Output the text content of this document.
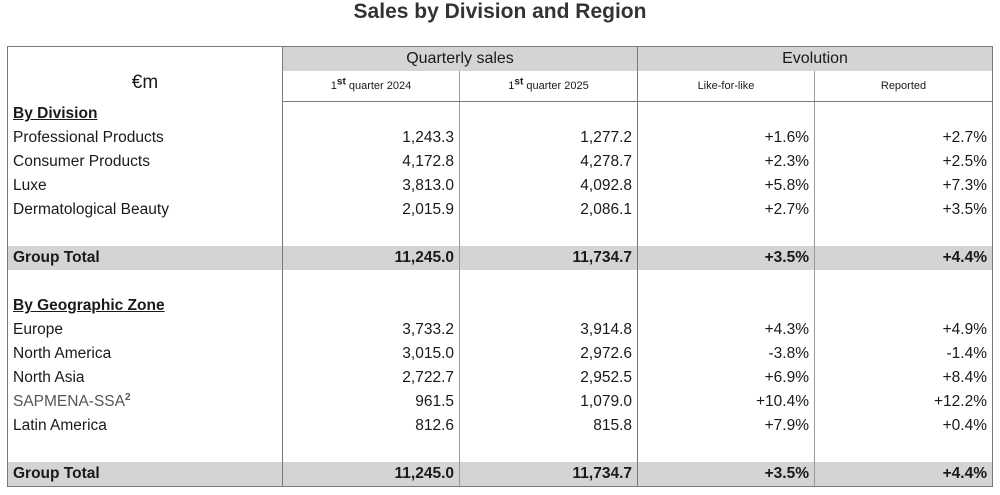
Sales by Division and Region
€m	Quarterly sales		Evolution	
	1st quarter 2024	1st quarter 2025	Like-for-like	Reported
By Division				
Professional Products	1,243.3	1,277.2	+1.6%	+2.7%
Consumer Products	4,172.8	4,278.7	+2.3%	+2.5%
Luxe	3,813.0	4,092.8	+5.8%	+7.3%
Dermatological Beauty	2,015.9	2,086.1	+2.7%	+3.5%

Group Total	11,245.0	11,734.7	+3.5%	+4.4%

By Geographic Zone				
Europe	3,733.2	3,914.8	+4.3%	+4.9%
North America	3,015.0	2,972.6	-3.8%	-1.4%
North Asia	2,722.7	2,952.5	+6.9%	+8.4%
SAPMENA-SSA$^2$	961.5	1,079.0	+10.4%	+12.2%
Latin America	812.6	815.8	+7.9%	+0.4%

Group Total	11,245.0	11,734.7	+3.5%	+4.4%
